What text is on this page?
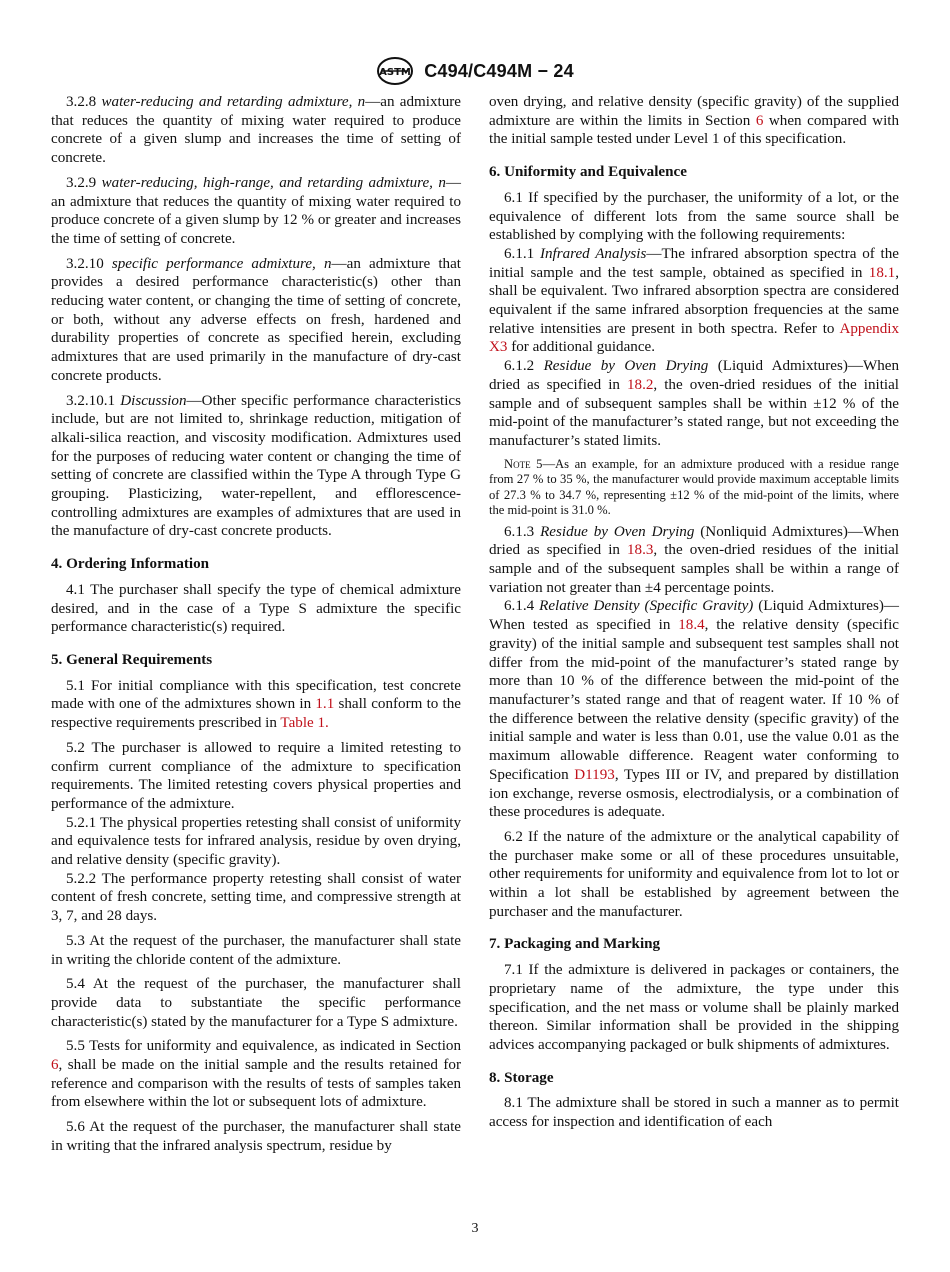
ASTM C494/C494M − 24

3.2.8 water-reducing and retarding admixture, n—an admixture that reduces the quantity of mixing water required to produce concrete of a given slump and increases the time of setting of concrete.

3.2.9 water-reducing, high-range, and retarding admixture, n—an admixture that reduces the quantity of mixing water required to produce concrete of a given slump by 12 % or greater and increases the time of setting of concrete.

3.2.10 specific performance admixture, n—an admixture that provides a desired performance characteristic(s) other than reducing water content, or changing the time of setting of concrete, or both, without any adverse effects on fresh, hardened and durability properties of concrete as specified herein, excluding admixtures that are used primarily in the manufacture of dry-cast concrete products.

3.2.10.1 Discussion—Other specific performance characteristics include, but are not limited to, shrinkage reduction, mitigation of alkali-silica reaction, and viscosity modification. Admixtures used for the purposes of reducing water content or changing the time of setting of concrete are classified within the Type A through Type G grouping. Plasticizing, water-repellent, and efflorescence-controlling admixtures are examples of admixtures that are used in the manufacture of dry-cast concrete products.

4. Ordering Information

4.1 The purchaser shall specify the type of chemical admixture desired, and in the case of a Type S admixture the specific performance characteristic(s) required.

5. General Requirements

5.1 For initial compliance with this specification, test concrete made with one of the admixtures shown in 1.1 shall conform to the respective requirements prescribed in Table 1.

5.2 The purchaser is allowed to require a limited retesting to confirm current compliance of the admixture to specification requirements. The limited retesting covers physical properties and performance of the admixture.

5.2.1 The physical properties retesting shall consist of uniformity and equivalence tests for infrared analysis, residue by oven drying, and relative density (specific gravity).

5.2.2 The performance property retesting shall consist of water content of fresh concrete, setting time, and compressive strength at 3, 7, and 28 days.

5.3 At the request of the purchaser, the manufacturer shall state in writing the chloride content of the admixture.

5.4 At the request of the purchaser, the manufacturer shall provide data to substantiate the specific performance characteristic(s) stated by the manufacturer for a Type S admixture.

5.5 Tests for uniformity and equivalence, as indicated in Section 6, shall be made on the initial sample and the results retained for reference and comparison with the results of tests of samples taken from elsewhere within the lot or subsequent lots of admixture.

5.6 At the request of the purchaser, the manufacturer shall state in writing that the infrared analysis spectrum, residue by

oven drying, and relative density (specific gravity) of the supplied admixture are within the limits in Section 6 when compared with the initial sample tested under Level 1 of this specification.

6. Uniformity and Equivalence

6.1 If specified by the purchaser, the uniformity of a lot, or the equivalence of different lots from the same source shall be established by complying with the following requirements:

6.1.1 Infrared Analysis—The infrared absorption spectra of the initial sample and the test sample, obtained as specified in 18.1, shall be equivalent. Two infrared absorption spectra are considered equivalent if the same infrared absorption frequencies at the same relative intensities are present in both spectra. Refer to Appendix X3 for additional guidance.

6.1.2 Residue by Oven Drying (Liquid Admixtures)—When dried as specified in 18.2, the oven-dried residues of the initial sample and of subsequent samples shall be within ±12 % of the mid-point of the manufacturer’s stated range, but not exceeding the manufacturer’s stated limits.

Note 5—As an example, for an admixture produced with a residue range from 27 % to 35 %, the manufacturer would provide maximum acceptable limits of 27.3 % to 34.7 %, representing ±12 % of the mid-point of the limits, where the mid-point is 31.0 %.

6.1.3 Residue by Oven Drying (Nonliquid Admixtures)—When dried as specified in 18.3, the oven-dried residues of the initial sample and of the subsequent samples shall be within a range of variation not greater than ±4 percentage points.

6.1.4 Relative Density (Specific Gravity) (Liquid Admixtures)—When tested as specified in 18.4, the relative density (specific gravity) of the initial sample and subsequent test samples shall not differ from the mid-point of the manufacturer’s stated range by more than 10 % of the difference between the mid-point of the manufacturer’s stated range and that of reagent water. If 10 % of the difference between the relative density (specific gravity) of the initial sample and water is less than 0.01, use the value 0.01 as the maximum allowable difference. Reagent water conforming to Specification D1193, Types III or IV, and prepared by distillation ion exchange, reverse osmosis, electrodialysis, or a combination of these procedures is adequate.

6.2 If the nature of the admixture or the analytical capability of the purchaser make some or all of these procedures unsuitable, other requirements for uniformity and equivalence from lot to lot or within a lot shall be established by agreement between the purchaser and the manufacturer.

7. Packaging and Marking

7.1 If the admixture is delivered in packages or containers, the proprietary name of the admixture, the type under this specification, and the net mass or volume shall be plainly marked thereon. Similar information shall be provided in the shipping advices accompanying packaged or bulk shipments of admixtures.

8. Storage

8.1 The admixture shall be stored in such a manner as to permit access for inspection and identification of each

3
